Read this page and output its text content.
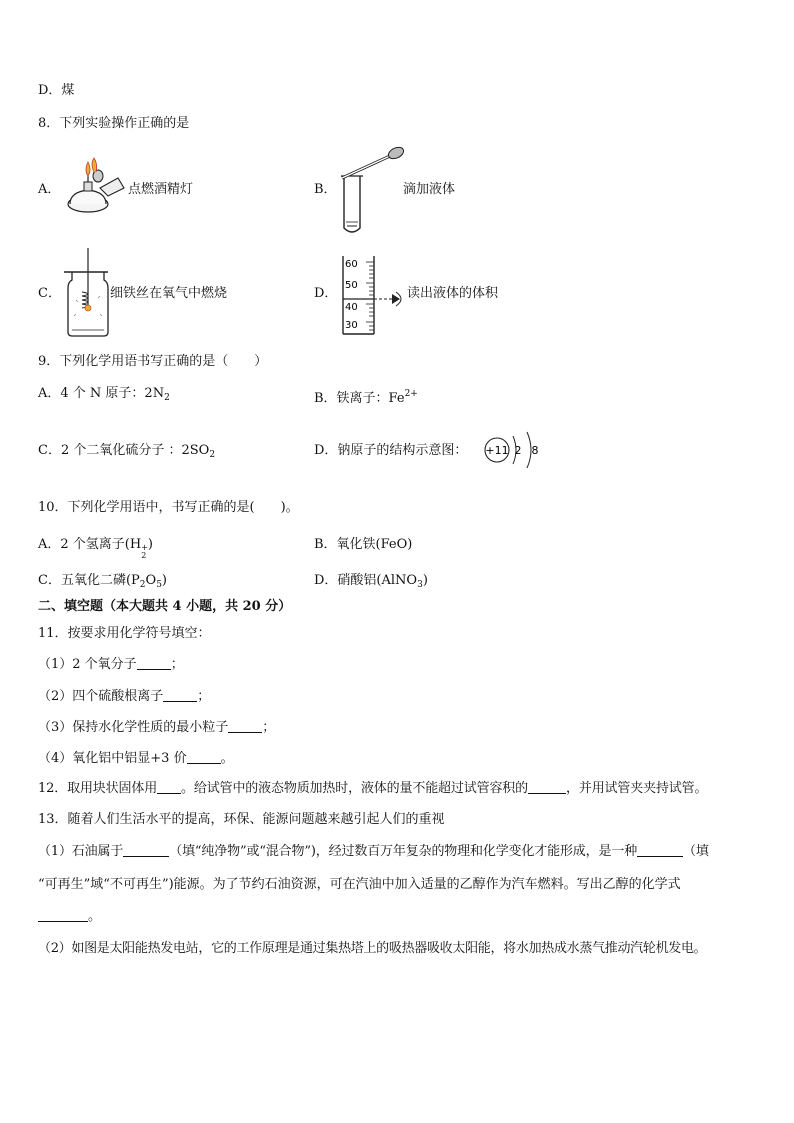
D．煤
8．下列实验操作正确的是
A．	点燃酒精灯	B．	滴加液体
C．	细铁丝在氧气中燃烧	D．
60
50
40
30
读出液体的体积
9．下列化学用语书写正确的是（　　）
A．4 个 N 原子：$2N_2$	B．铁离子：$Fe^{2+}$
C．2 个二氧化硫分子 ：$2SO_2$	D．钠原子的结构示意图： +11 2 8
10．下列化学用语中，书写正确的是(　　)。
A．2 个氢离子(H +
2
)	B．氧化铁(FeO)
C．五氧化二磷$(P_2O_5)$	D．硝酸铝(AlNO$_3$)
二、填空题（本大题共 4 小题，共 20 分）
11．按要求用化学符号填空：
（1）2 个氧分子	；
（2）四个硫酸根离子	；
（3）保持水化学性质的最小粒子	；
（4）氧化铝中铝显+3 价	。
12．取用块状固体用 。给试管中的液态物质加热时，液体的量不能超过试管容积的	，并用试管夹夹持试管。
13．随着人们生活水平的提高，环保、能源问题越来越引起人们的重视
（1）石油属于	（填“纯净物”或“混合物”)，经过数百万年复杂的物理和化学变化才能形成，是一种	（填
“可再生”域“不可再生”)能源。为了节约石油资源，可在汽油中加入适量的乙醇作为汽车燃料。写出乙醇的化学式
。
（2）如图是太阳能热发电站，它的工作原理是通过集热塔上的吸热器吸收太阳能，将水加热成水蒸气推动汽轮机发电。
